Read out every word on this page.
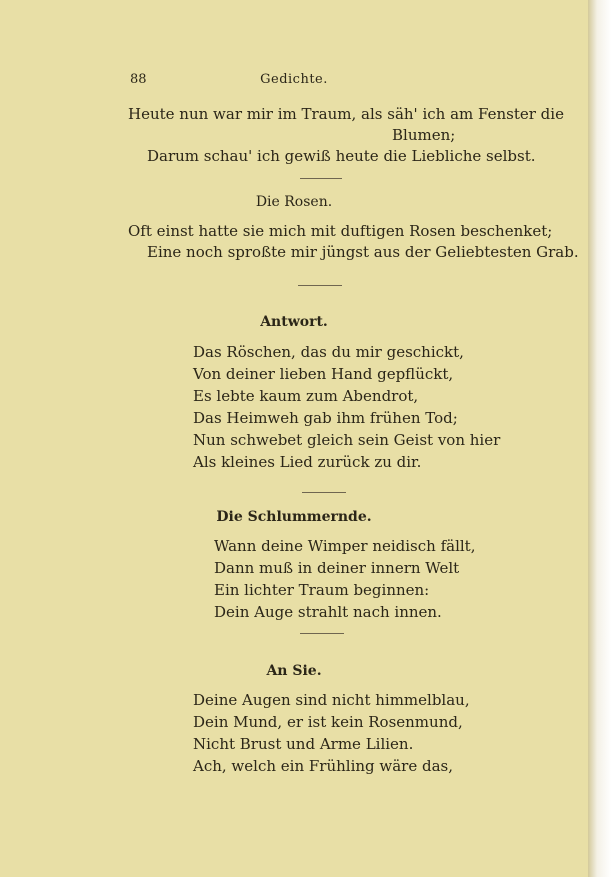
88	Gedichte.
Heute nun war mir im Traum, als säh' ich am Fenster die
Blumen;
Darum schau' ich gewiß heute die Liebliche selbst.
Die Rosen.
Oft einst hatte sie mich mit duftigen Rosen beschenket;
Eine noch sproßte mir jüngst aus der Geliebtesten Grab.
Antwort.
Das Röschen, das du mir geschickt,
Von deiner lieben Hand gepflückt,
Es lebte kaum zum Abendrot,
Das Heimweh gab ihm frühen Tod;
Nun schwebet gleich sein Geist von hier
Als kleines Lied zurück zu dir.
Die Schlummernde.
Wann deine Wimper neidisch fällt,
Dann muß in deiner innern Welt
Ein lichter Traum beginnen:
Dein Auge strahlt nach innen.
An Sie.
Deine Augen sind nicht himmelblau,
Dein Mund, er ist kein Rosenmund,
Nicht Brust und Arme Lilien.
Ach, welch ein Frühling wäre das,
